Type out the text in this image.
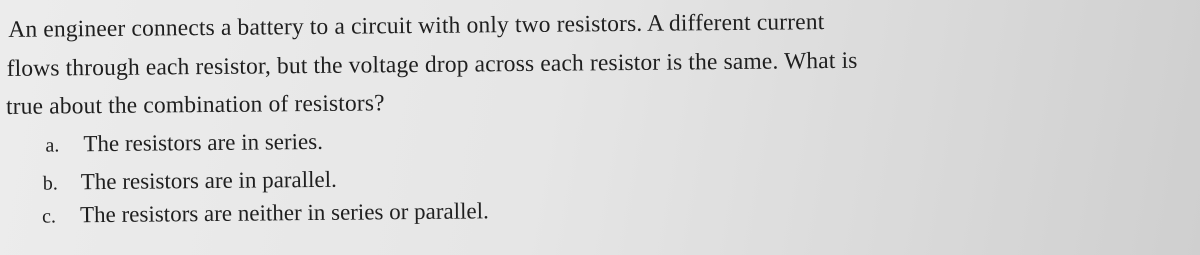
An engineer connects a battery to a circuit with only two resistors. A different current
flows through each resistor, but the voltage drop across each resistor is the same. What is
true about the combination of resistors?
a. The resistors are in series.
b. The resistors are in parallel.
c. The resistors are neither in series or parallel.
